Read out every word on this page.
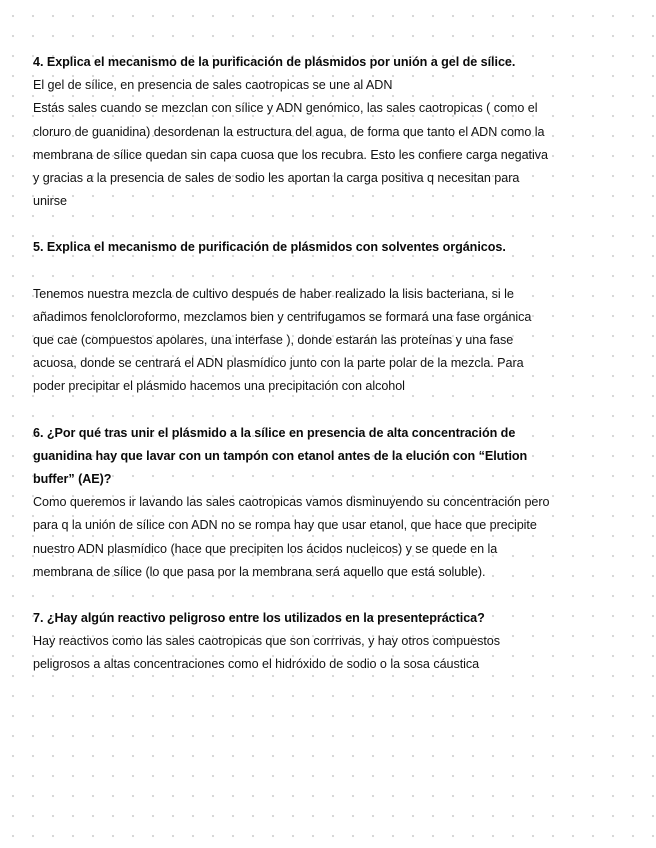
4. Explica el mecanismo de la purificación de plásmidos por unión a gel de sílice.
El gel de sílice, en presencia de sales caotropicas se une al ADN
Estás sales cuando se mezclan con sílice y ADN genómico, las sales caotropicas ( como el
cloruro de guanidina) desordenan la estructura del agua, de forma que tanto el ADN como la
membrana de sílice quedan sin capa cuosa que los recubra. Esto les confiere carga negativa
y gracias a la presencia de sales de sodio les aportan la carga positiva q necesitan para
unirse
5. Explica el mecanismo de purificación de plásmidos con solventes orgánicos.
Tenemos nuestra mezcla de cultivo después de haber realizado la lisis bacteriana, si le
añadimos fenolcloroformo, mezclamos bien y centrifugamos se formará una fase orgánica
que cae (compuestos apolares, una interfase ), donde estarán las proteínas y una fase
acuosa, donde se centrará el ADN plasmídico junto con la parte polar de la mezcla. Para
poder precipitar el plásmido hacemos una precipitación con alcohol
6. ¿Por qué tras unir el plásmido a la sílice en presencia de alta concentración de
guanidina hay que lavar con un tampón con etanol antes de la elución con “Elution
buffer” (AE)?
Como queremos ir lavando las sales caotropicas vamos disminuyendo su concentración pero
para q la unión de sílice con ADN no se rompa hay que usar etanol, que hace que precipite
nuestro ADN plasmídico (hace que precipiten los ácidos nucleicos) y se quede en la
membrana de sílice (lo que pasa por la membrana será aquello que está soluble).
7. ¿Hay algún reactivo peligroso entre los utilizados en la presentepráctica?
Hay reactivos como las sales caotropicas que son corrrivas, y hay otros compuestos
peligrosos a altas concentraciones como el hidróxido de sodio o la sosa cáustica
